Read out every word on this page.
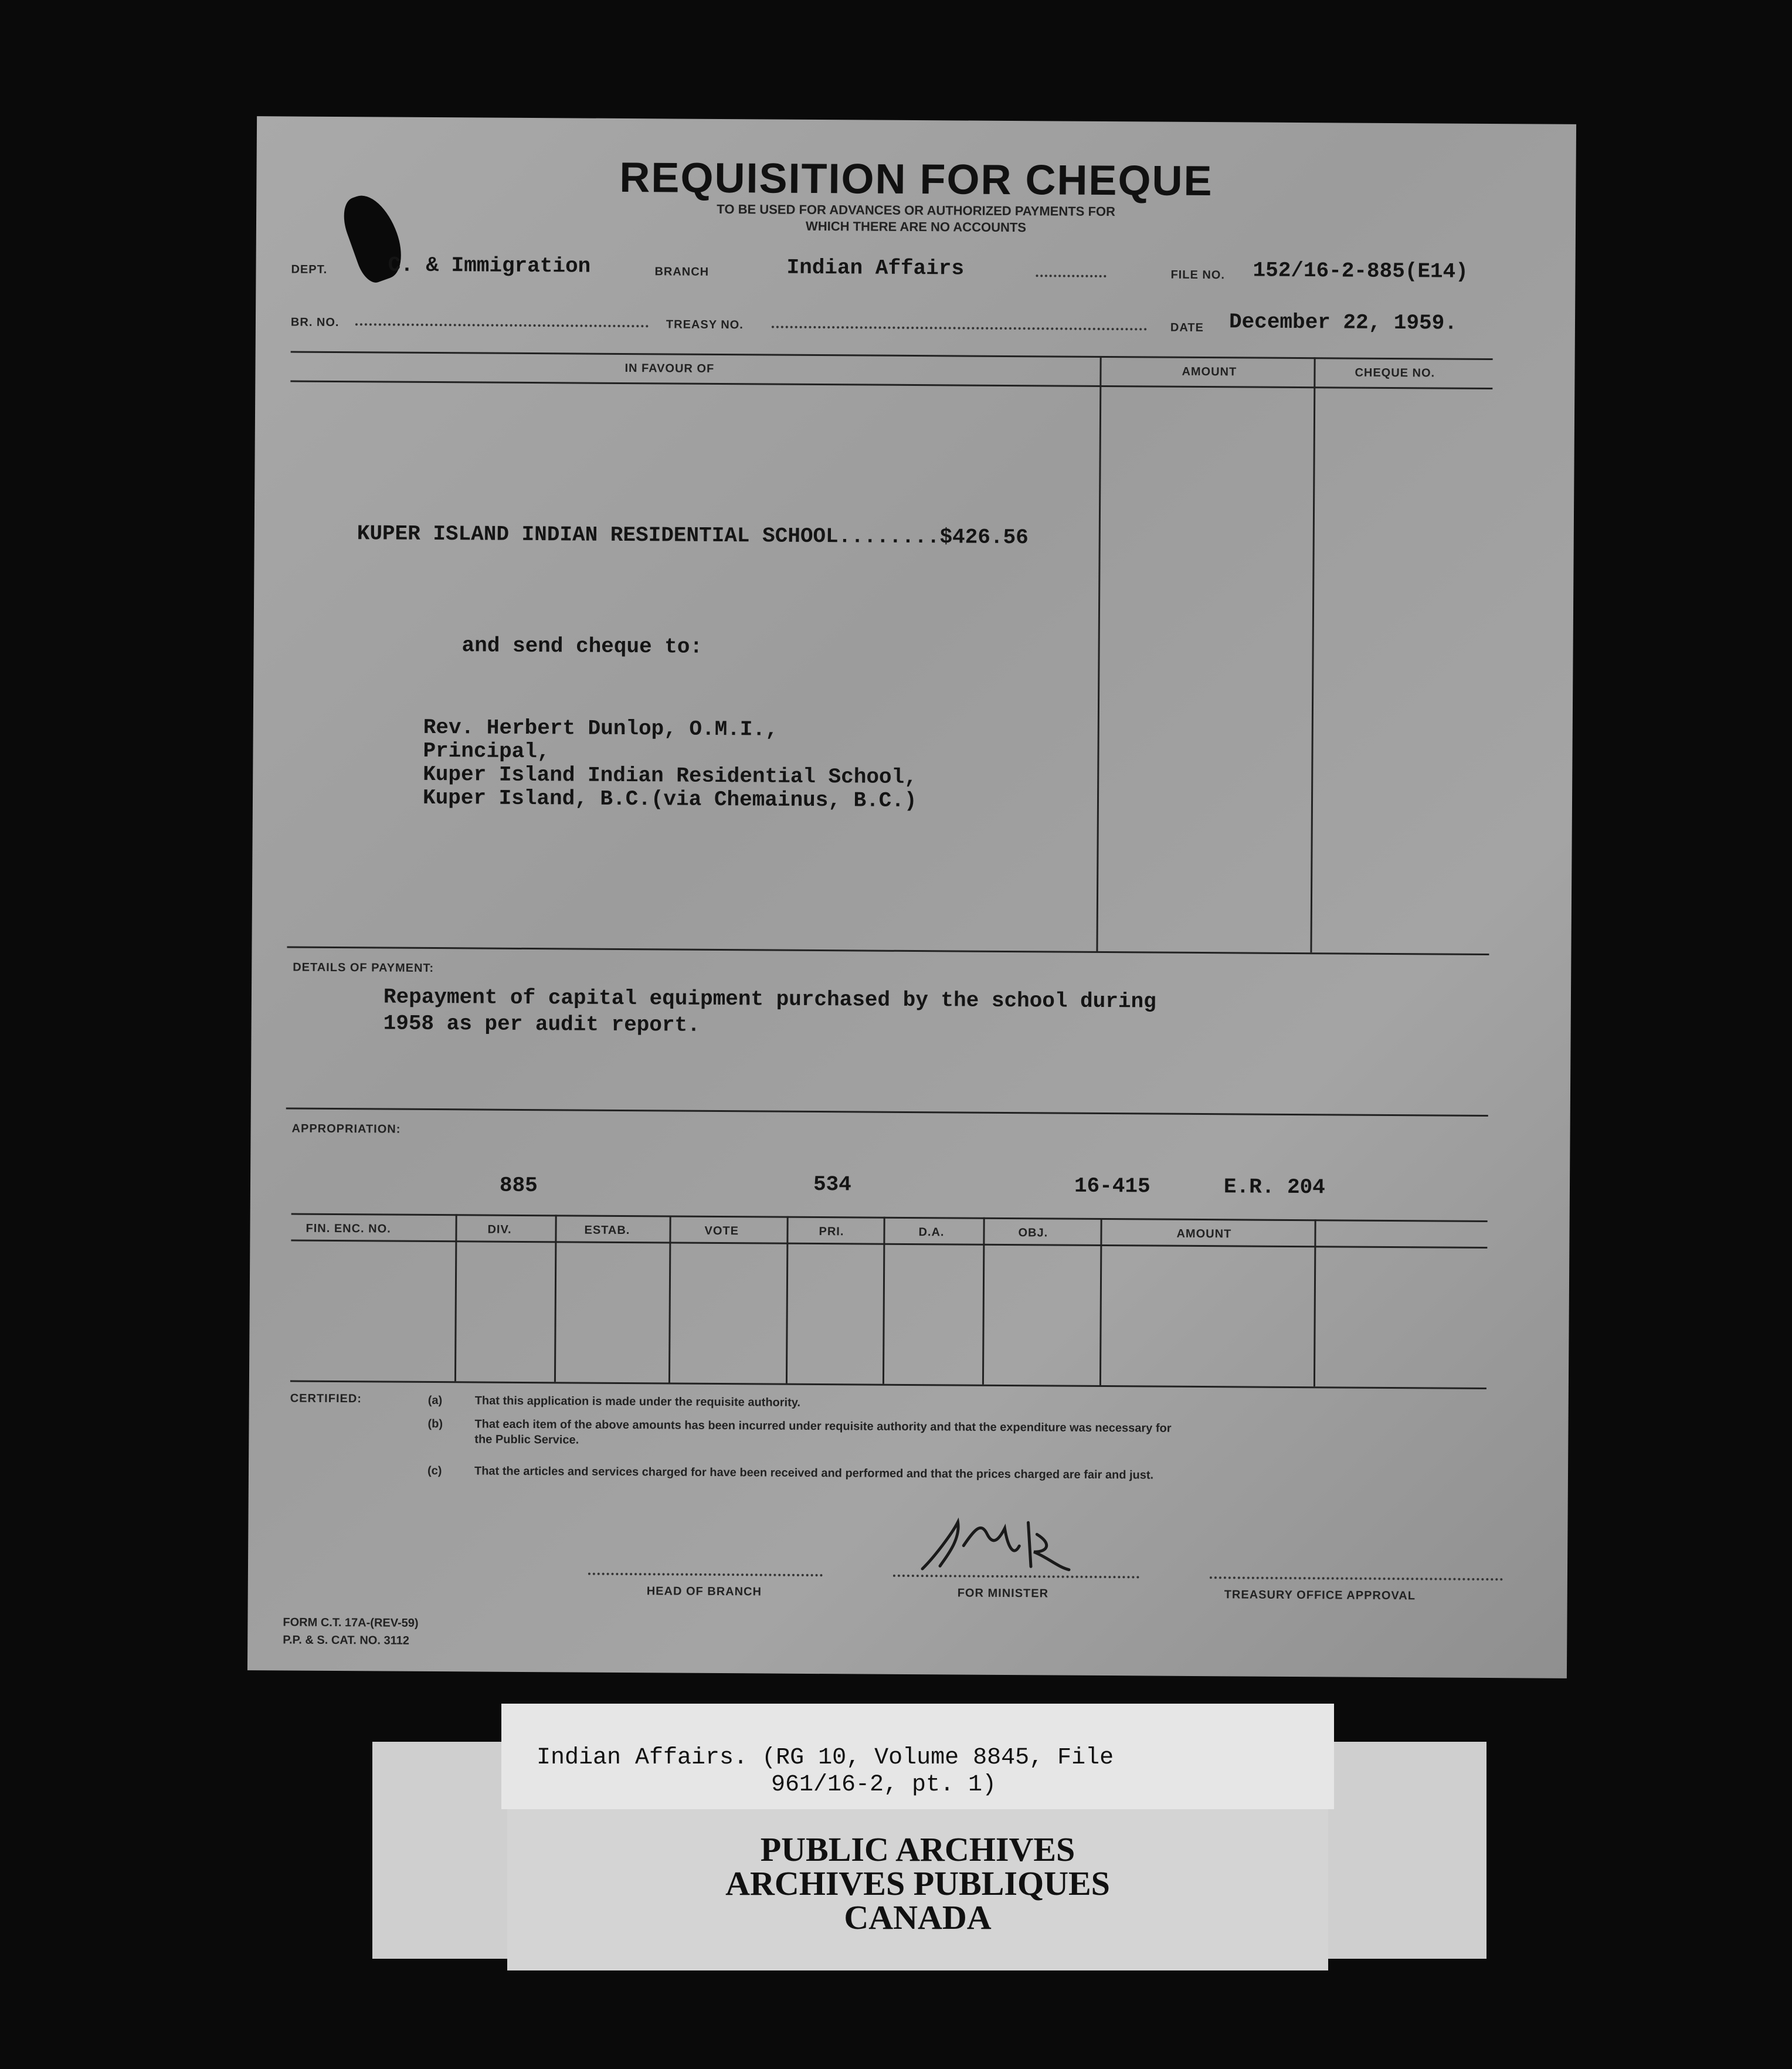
REQUISITION FOR CHEQUE
TO BE USED FOR ADVANCES OR AUTHORIZED PAYMENTS FOR
WHICH THERE ARE NO ACCOUNTS
DEPT.	C. & Immigration	BRANCH	Indian Affairs	FILE NO. 152/16-2-885(E14)
BR. NO.	TREASY NO.	DATE December 22, 1959.
IN FAVOUR OF	AMOUNT	CHEQUE NO.
KUPER ISLAND INDIAN RESIDENTIAL SCHOOL........$426.56
and send cheque to:
Rev. Herbert Dunlop, O.M.I.,
Principal,
Kuper Island Indian Residential School,
Kuper Island, B.C.(via Chemainus, B.C.)
DETAILS OF PAYMENT:
Repayment of capital equipment purchased by the school during
1958 as per audit report.
APPROPRIATION:
885	534	16-415	E.R. 204
FIN. ENC. NO.	DIV.	ESTAB.	VOTE	PRI.	D.A.	OBJ.	AMOUNT
CERTIFIED:	(a)	That this application is made under the requisite authority.
(b)	That each item of the above amounts has been incurred under requisite authority and that the expenditure was necessary for the Public Service.
(c)	That the articles and services charged for have been received and performed and that the prices charged are fair and just.
HEAD OF BRANCH	FOR MINISTER	TREASURY OFFICE APPROVAL
FORM C.T. 17A-(REV-59)
P.P. & S. CAT. NO. 3112
Indian Affairs. (RG 10, Volume 8845, File
961/16-2, pt. 1)
PUBLIC ARCHIVES
ARCHIVES PUBLIQUES
CANADA
